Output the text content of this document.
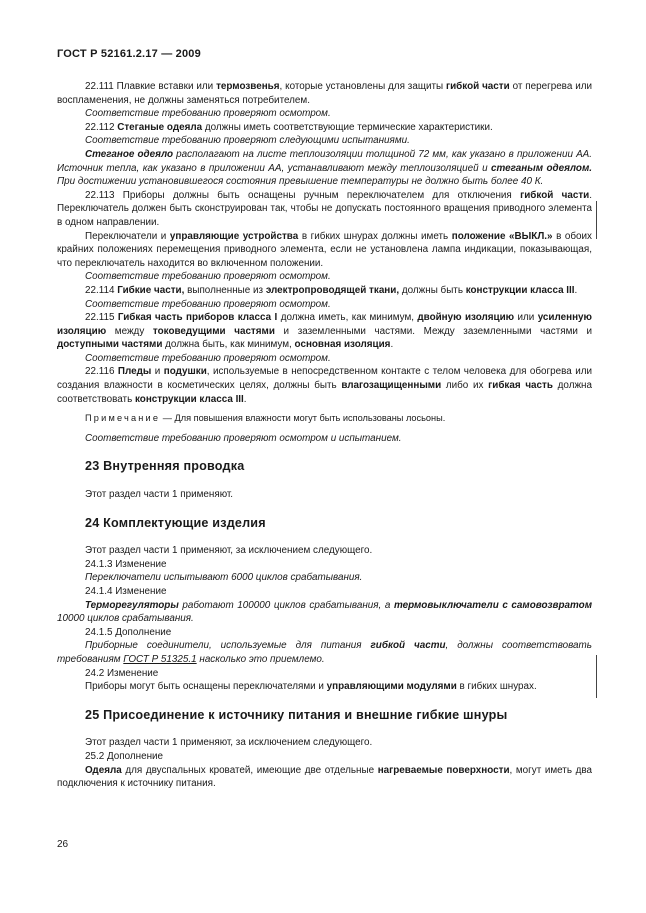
ГОСТ Р 52161.2.17 — 2009

22.111 Плавкие вставки или термозвенья, которые установлены для защиты гибкой части от перегрева или воспламенения, не должны заменяться потребителем.

Соответствие требованию проверяют осмотром.

22.112 Стеганые одеяла должны иметь соответствующие термические характеристики.

Соответствие требованию проверяют следующими испытаниями.

Стеганое одеяло располагают на листе теплоизоляции толщиной 72 мм, как указано в приложении АА. Источник тепла, как указано в приложении АА, устанавливают между теплоизоляцией и стеганым одеялом. При достижении установившегося состояния превышение температуры не должно быть более 40 К.

22.113 Приборы должны быть оснащены ручным переключателем для отключения гибкой части. Переключатель должен быть сконструирован так, чтобы не допускать постоянного вращения приводного элемента в одном направлении.

Переключатели и управляющие устройства в гибких шнурах должны иметь положение «ВЫКЛ.» в обоих крайних положениях перемещения приводного элемента, если не установлена лампа индикации, показывающая, что переключатель находится во включенном положении.

Соответствие требованию проверяют осмотром.

22.114 Гибкие части, выполненные из электропроводящей ткани, должны быть конструкции класса III.

Соответствие требованию проверяют осмотром.

22.115 Гибкая часть приборов класса I должна иметь, как минимум, двойную изоляцию или усиленную изоляцию между токоведущими частями и заземленными частями. Между заземленными частями и доступными частями должна быть, как минимум, основная изоляция.

Соответствие требованию проверяют осмотром.

22.116 Пледы и подушки, используемые в непосредственном контакте с телом человека для обогрева или создания влажности в косметических целях, должны быть влагозащищенными либо их гибкая часть должна соответствовать конструкции класса III.

Примечание — Для повышения влажности могут быть использованы лосьоны.

Соответствие требованию проверяют осмотром и испытанием.

23 Внутренняя проводка

Этот раздел части 1 применяют.

24 Комплектующие изделия

Этот раздел части 1 применяют, за исключением следующего.

24.1.3 Изменение

Переключатели испытывают 6000 циклов срабатывания.

24.1.4 Изменение

Терморегуляторы работают 100000 циклов срабатывания, а термовыключатели с самовозвратом 10000 циклов срабатывания.

24.1.5 Дополнение

Приборные соединители, используемые для питания гибкой части, должны соответствовать требованиям ГОСТ Р 51325.1 насколько это приемлемо.

24.2 Изменение

Приборы могут быть оснащены переключателями и управляющими модулями в гибких шнурах.

25 Присоединение к источнику питания и внешние гибкие шнуры

Этот раздел части 1 применяют, за исключением следующего.

25.2 Дополнение

Одеяла для двуспальных кроватей, имеющие две отдельные нагреваемые поверхности, могут иметь два подключения к источнику питания.

26
